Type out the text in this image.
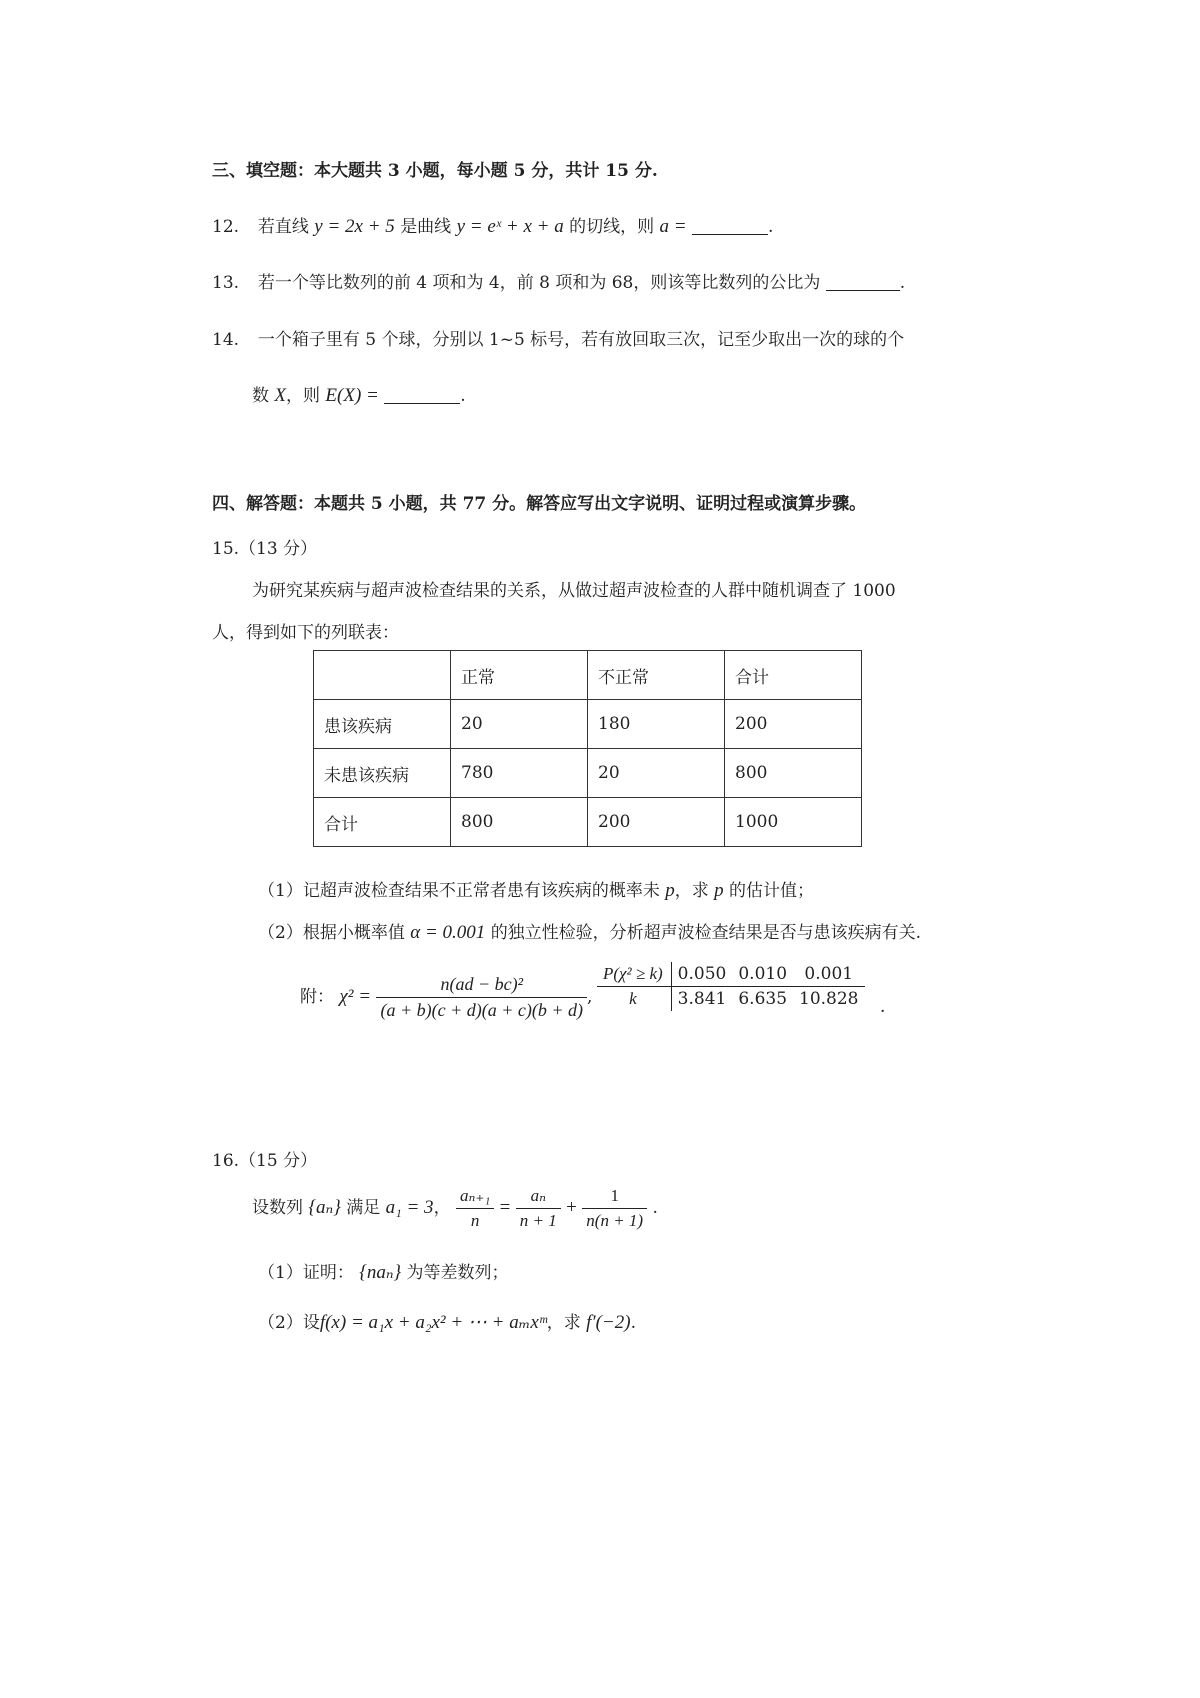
三、填空题：本大题共 3 小题，每小题 5 分，共计 15 分.
12. 若直线 y = 2x + 5 是曲线 y = eˣ + x + a 的切线，则 a =	.
13. 若一个等比数列的前 4 项和为 4，前 8 项和为 68，则该等比数列的公比为	.
14. 一个箱子里有 5 个球，分别以 1~5 标号，若有放回取三次，记至少取出一次的球的个
数 X，则 E(X) =	.
四、解答题：本题共 5 小题，共 77 分。解答应写出文字说明、证明过程或演算步骤。
15.（13 分）
为研究某疾病与超声波检查结果的关系，从做过超声波检查的人群中随机调查了 1000
人，得到如下的列联表：
	正常	不正常	合计
患该疾病	20	180	200
未患该疾病	780	20	800
合计	800	200	1000
（1）记超声波检查结果不正常者患有该疾病的概率未 p，求 p 的估计值；
（2）根据小概率值 α = 0.001 的独立性检验，分析超声波检查结果是否与患该疾病有关.
附： $\chi^2 = \frac{\text{n(ad − bc)²}}{(a + b)(c + d)(a + c)(b + d)}$ ,
P(χ² ≥ k)	0.050	0.010	0.001
k	3.841	6.635	10.828 .
16.（15 分）
设数列 {aₙ} 满足 a₁ = 3， $\frac{\text{aₙ₊₁}}{n} = \frac{\text{aₙ}}{n + 1} + \frac{1}{n(n + 1)}$ .
（1）证明： {naₙ} 为等差数列；
（2）设f(x) = a₁x + a₂x² + ⋯ + aₘxᵐ，求 f′(−2).
